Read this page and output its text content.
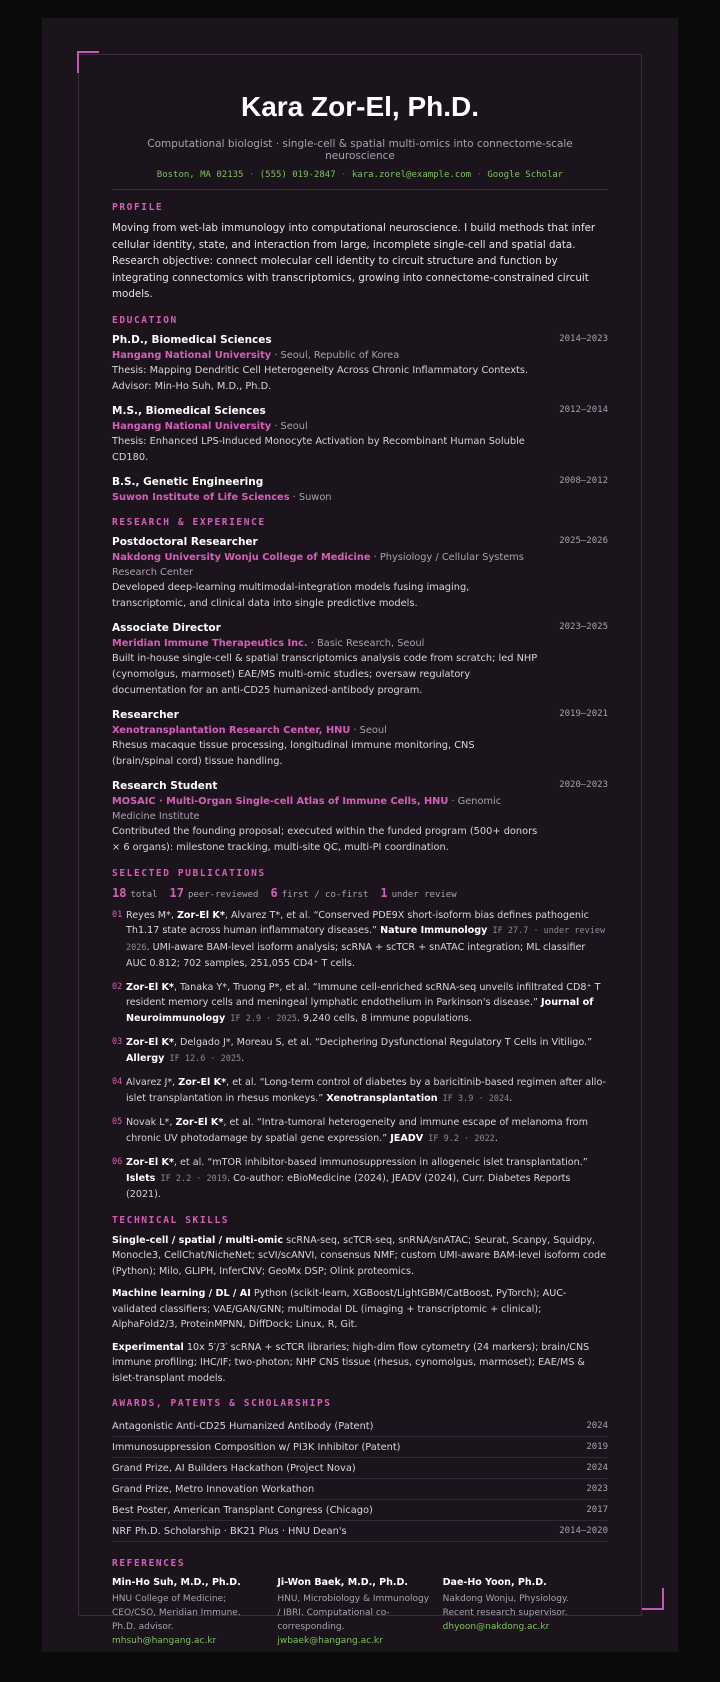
Kara Zor-El, Ph.D.
Computational biologist · single-cell & spatial multi-omics into connectome-scale neuroscience
Boston, MA 02135 · (555) 019-2847 · kara.zorel@example.com · Google Scholar
PROFILE
Moving from wet-lab immunology into computational neuroscience. I build methods that infer cellular identity, state, and interaction from large, incomplete single-cell and spatial data. Research objective: connect molecular cell identity to circuit structure and function by integrating connectomics with transcriptomics, growing into connectome-constrained circuit models.
EDUCATION
Ph.D., Biomedical Sciences	2014–2023
Hangang National University · Seoul, Republic of Korea
Thesis: Mapping Dendritic Cell Heterogeneity Across Chronic Inflammatory Contexts. Advisor: Min-Ho Suh, M.D., Ph.D.
M.S., Biomedical Sciences	2012–2014
Hangang National University · Seoul
Thesis: Enhanced LPS-Induced Monocyte Activation by Recombinant Human Soluble CD180.
B.S., Genetic Engineering	2008–2012
Suwon Institute of Life Sciences · Suwon
RESEARCH & EXPERIENCE
Postdoctoral Researcher	2025–2026
Nakdong University Wonju College of Medicine · Physiology / Cellular Systems Research Center
Developed deep-learning multimodal-integration models fusing imaging, transcriptomic, and clinical data into single predictive models.
Associate Director	2023–2025
Meridian Immune Therapeutics Inc. · Basic Research, Seoul
Built in-house single-cell & spatial transcriptomics analysis code from scratch; led NHP (cynomolgus, marmoset) EAE/MS multi-omic studies; oversaw regulatory documentation for an anti-CD25 humanized-antibody program.
Researcher	2019–2021
Xenotransplantation Research Center, HNU · Seoul
Rhesus macaque tissue processing, longitudinal immune monitoring, CNS (brain/spinal cord) tissue handling.
Research Student	2020–2023
MOSAIC · Multi-Organ Single-cell Atlas of Immune Cells, HNU · Genomic Medicine Institute
Contributed the founding proposal; executed within the funded program (500+ donors × 6 organs): milestone tracking, multi-site QC, multi-PI coordination.
SELECTED PUBLICATIONS
18 total 17 peer-reviewed 6 first / co-first 1 under review
01 Reyes M*, Zor-El K*, Alvarez T*, et al. “Conserved PDE9X short-isoform bias defines pathogenic Th1.17 state across human inflammatory diseases.” Nature Immunology IF 27.7 · under review 2026. UMI-aware BAM-level isoform analysis; scRNA + scTCR + snATAC integration; ML classifier AUC 0.812; 702 samples, 251,055 CD4⁺ T cells.
02 Zor-El K*, Tanaka Y*, Truong P*, et al. “Immune cell-enriched scRNA-seq unveils infiltrated CD8⁺ T resident memory cells and meningeal lymphatic endothelium in Parkinson's disease.” Journal of Neuroimmunology IF 2.9 · 2025. 9,240 cells, 8 immune populations.
03 Zor-El K*, Delgado J*, Moreau S, et al. “Deciphering Dysfunctional Regulatory T Cells in Vitiligo.” Allergy IF 12.6 · 2025.
04 Alvarez J*, Zor-El K*, et al. “Long-term control of diabetes by a baricitinib-based regimen after allo-islet transplantation in rhesus monkeys.” Xenotransplantation IF 3.9 · 2024.
05 Novak L*, Zor-El K*, et al. “Intra-tumoral heterogeneity and immune escape of melanoma from chronic UV photodamage by spatial gene expression.” JEADV IF 9.2 · 2022.
06 Zor-El K*, et al. “mTOR inhibitor-based immunosuppression in allogeneic islet transplantation.” Islets IF 2.2 · 2019. Co-author: eBioMedicine (2024), JEADV (2024), Curr. Diabetes Reports (2021).
TECHNICAL SKILLS
Single-cell / spatial / multi-omic scRNA-seq, scTCR-seq, snRNA/snATAC; Seurat, Scanpy, Squidpy, Monocle3, CellChat/NicheNet; scVI/scANVI, consensus NMF; custom UMI-aware BAM-level isoform code (Python); Milo, GLIPH, InferCNV; GeoMx DSP; Olink proteomics.
Machine learning / DL / AI Python (scikit-learn, XGBoost/LightGBM/CatBoost, PyTorch); AUC-validated classifiers; VAE/GAN/GNN; multimodal DL (imaging + transcriptomic + clinical); AlphaFold2/3, ProteinMPNN, DiffDock; Linux, R, Git.
Experimental 10x 5′/3′ scRNA + scTCR libraries; high-dim flow cytometry (24 markers); brain/CNS immune profiling; IHC/IF; two-photon; NHP CNS tissue (rhesus, cynomolgus, marmoset); EAE/MS & islet-transplant models.
AWARDS, PATENTS & SCHOLARSHIPS
Antagonistic Anti-CD25 Humanized Antibody (Patent)	2024
Immunosuppression Composition w/ PI3K Inhibitor (Patent)	2019
Grand Prize, AI Builders Hackathon (Project Nova)	2024
Grand Prize, Metro Innovation Workathon	2023
Best Poster, American Transplant Congress (Chicago)	2017
NRF Ph.D. Scholarship · BK21 Plus · HNU Dean's	2014–2020
REFERENCES
Min-Ho Suh, M.D., Ph.D.
HNU College of Medicine; CEO/CSO, Meridian Immune. Ph.D. advisor.
mhsuh@hangang.ac.kr
Ji-Won Baek, M.D., Ph.D.
HNU, Microbiology & Immunology / IBRI. Computational co-corresponding.
jwbaek@hangang.ac.kr
Dae-Ho Yoon, Ph.D.
Nakdong Wonju, Physiology. Recent research supervisor.
dhyoon@nakdong.ac.kr
